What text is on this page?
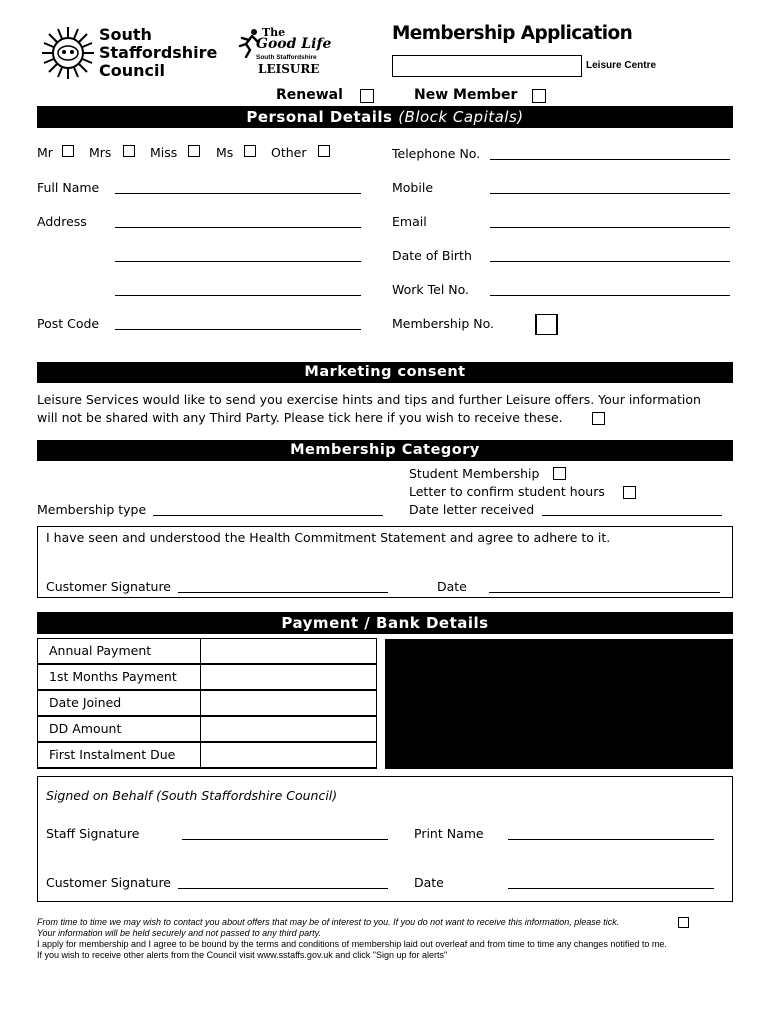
South
Staffordshire
Council
The
Good Life
South Staffordshire
LEISURE
Membership Application
Leisure Centre
Renewal	New Member
Personal Details (Block Capitals)
Mr	Mrs	Miss	Ms	Other
Full Name
Address
Post Code
Telephone No.
Mobile
Email
Date of Birth
Work Tel No.
Membership No.
Marketing consent
Leisure Services would like to send you exercise hints and tips and further Leisure offers. Your information
will not be shared with any Third Party. Please tick here if you wish to receive these.
Membership Category
Student Membership
Letter to confirm student hours
Date letter received
Membership type
I have seen and understood the Health Commitment Statement and agree to adhere to it.
Customer Signature	Date
Payment / Bank Details
Annual Payment
1st Months Payment
Date Joined
DD Amount
First Instalment Due
Signed on Behalf (South Staffordshire Council)
Staff Signature	Print Name
Customer Signature	Date
From time to time we may wish to contact you about offers that may be of interest to you. If you do not want to receive this information, please tick.
Your information will be held securely and not passed to any third party.
I apply for membership and I agree to be bound by the terms and conditions of membership laid out overleaf and from time to time any changes notified to me.
If you wish to receive other alerts from the Council visit www.sstaffs.gov.uk and click "Sign up for alerts"
